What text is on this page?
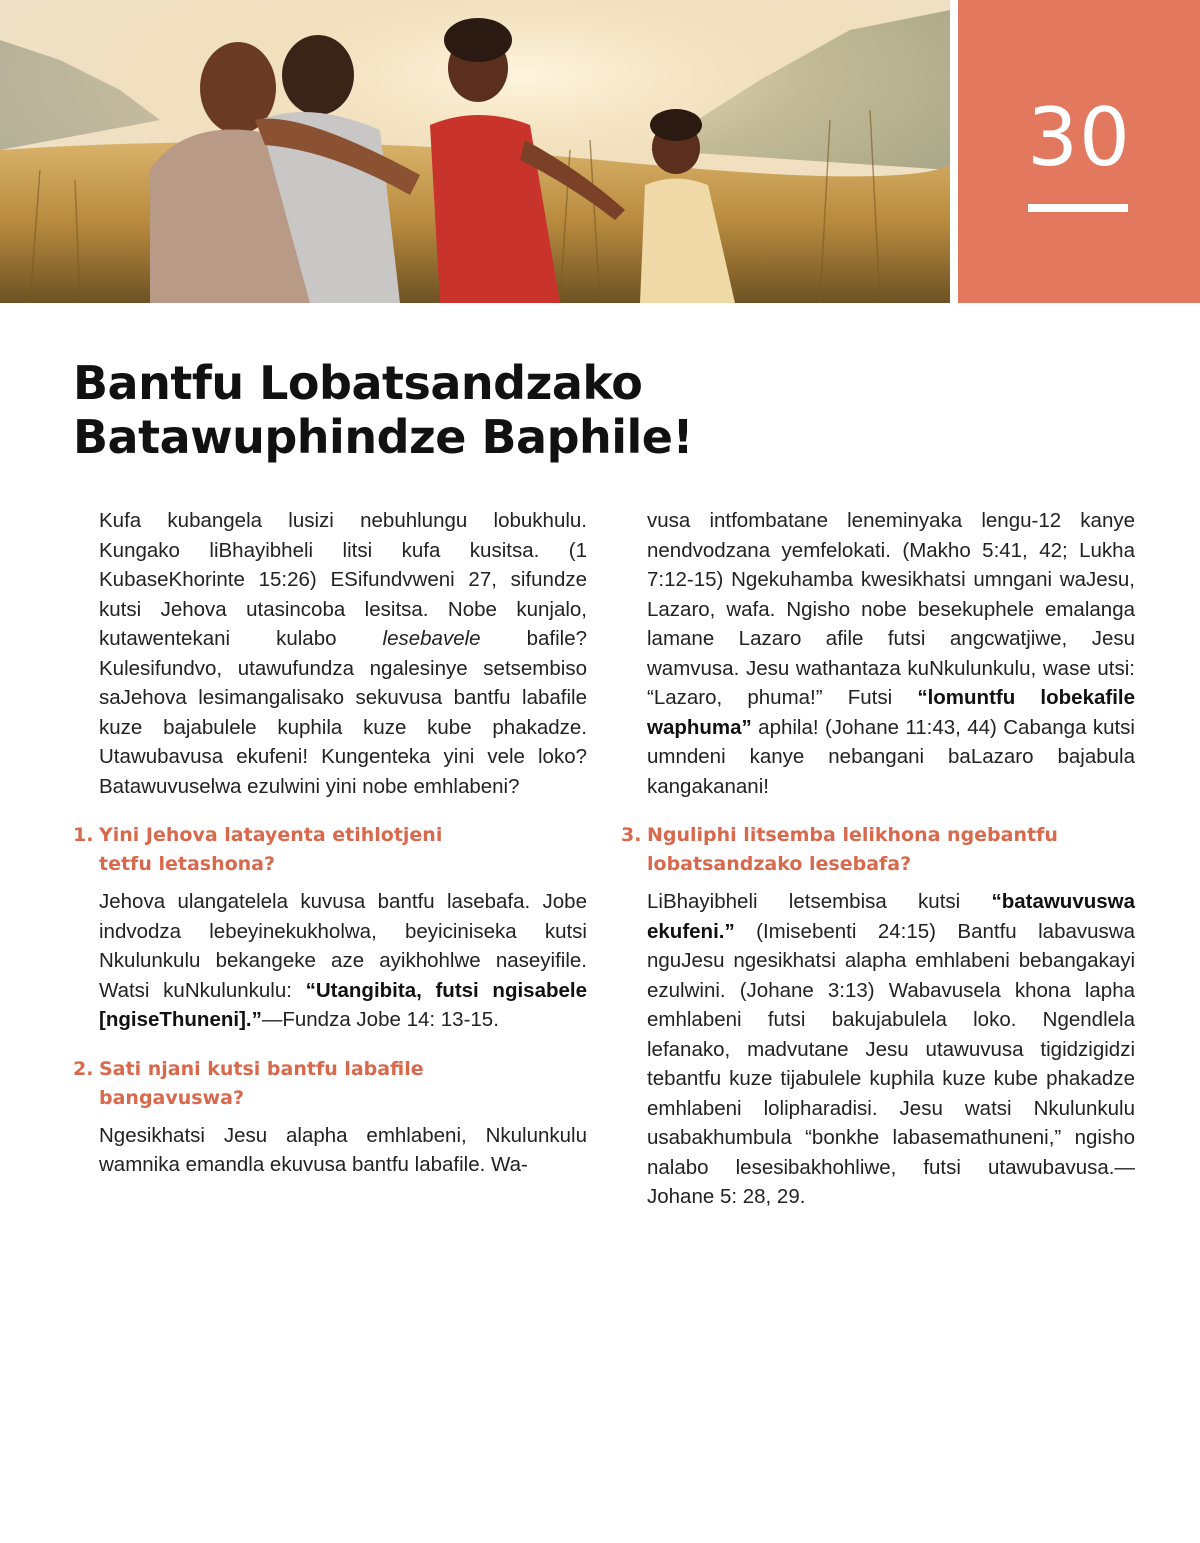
30
Bantfu Lobatsandzako
Batawuphindze Baphile!

Kufa kubangela lusizi nebuhlungu lobukhulu. Kungako liBhayibheli litsi kufa kusitsa. (1 KubaseKhorinte 15:26) ESifundvweni 27, sifundze kutsi Jehova utasincoba lesitsa. Nobe kunjalo, kutawentekani kulabo lesebavele bafile? Kulesifundvo, utawufundza ngalesinye setsembiso saJehova lesimangalisako sekuvusa bantfu labafile kuze bajabulele kuphila kuze kube phakadze. Utawubavusa ekufeni! Kungenteka yini vele loko? Batawuvuselwa ezulwini yini nobe emhlabeni?

1. Yini Jehova latayenta etihlotjeni
tetfu letashona?

Jehova ulangatelela kuvusa bantfu lasebafa. Jobe indvodza lebeyinekukholwa, beyiciniseka kutsi Nkulunkulu bekangeke aze ayikhohlwe naseyifile. Watsi kuNkulunkulu: “Utangibita, futsi ngisabele [ngiseThuneni].”—Fundza Jobe 14: 13-15.

2. Sati njani kutsi bantfu labafile
bangavuswa?

Ngesikhatsi Jesu alapha emhlabeni, Nkulunkulu wamnika emandla ekuvusa bantfu labafile. Wa-

vusa intfombatane leneminyaka lengu-12 kanye nendvodzana yemfelokati. (Makho 5:41, 42; Lukha 7:12-15) Ngekuhamba kwesikhatsi umngani waJesu, Lazaro, wafa. Ngisho nobe besekuphele emalanga lamane Lazaro afile futsi angcwatjiwe, Jesu wamvusa. Jesu wathantaza kuNkulunkulu, wase utsi: “Lazaro, phuma!” Futsi “lomuntfu lobekafile waphuma” aphila! (Johane 11:43, 44) Cabanga kutsi umndeni kanye nebangani baLazaro bajabula kangakanani!

3. Nguliphi litsemba lelikhona ngebantfu
lobatsandzako lesebafa?

LiBhayibheli letsembisa kutsi “batawuvuswa ekufeni.” (Imisebenti 24:15) Bantfu labavuswa nguJesu ngesikhatsi alapha emhlabeni bebangakayi ezulwini. (Johane 3:13) Wabavusela khona lapha emhlabeni futsi bakujabulela loko. Ngendlela lefanako, madvutane Jesu utawuvusa tigidzigidzi tebantfu kuze tijabulele kuphila kuze kube phakadze emhlabeni lolipharadisi. Jesu watsi Nkulunkulu usabakhumbula “bonkhe labasemathuneni,” ngisho nalabo lesesibakhohliwe, futsi utawubavusa.—Johane 5: 28, 29.
